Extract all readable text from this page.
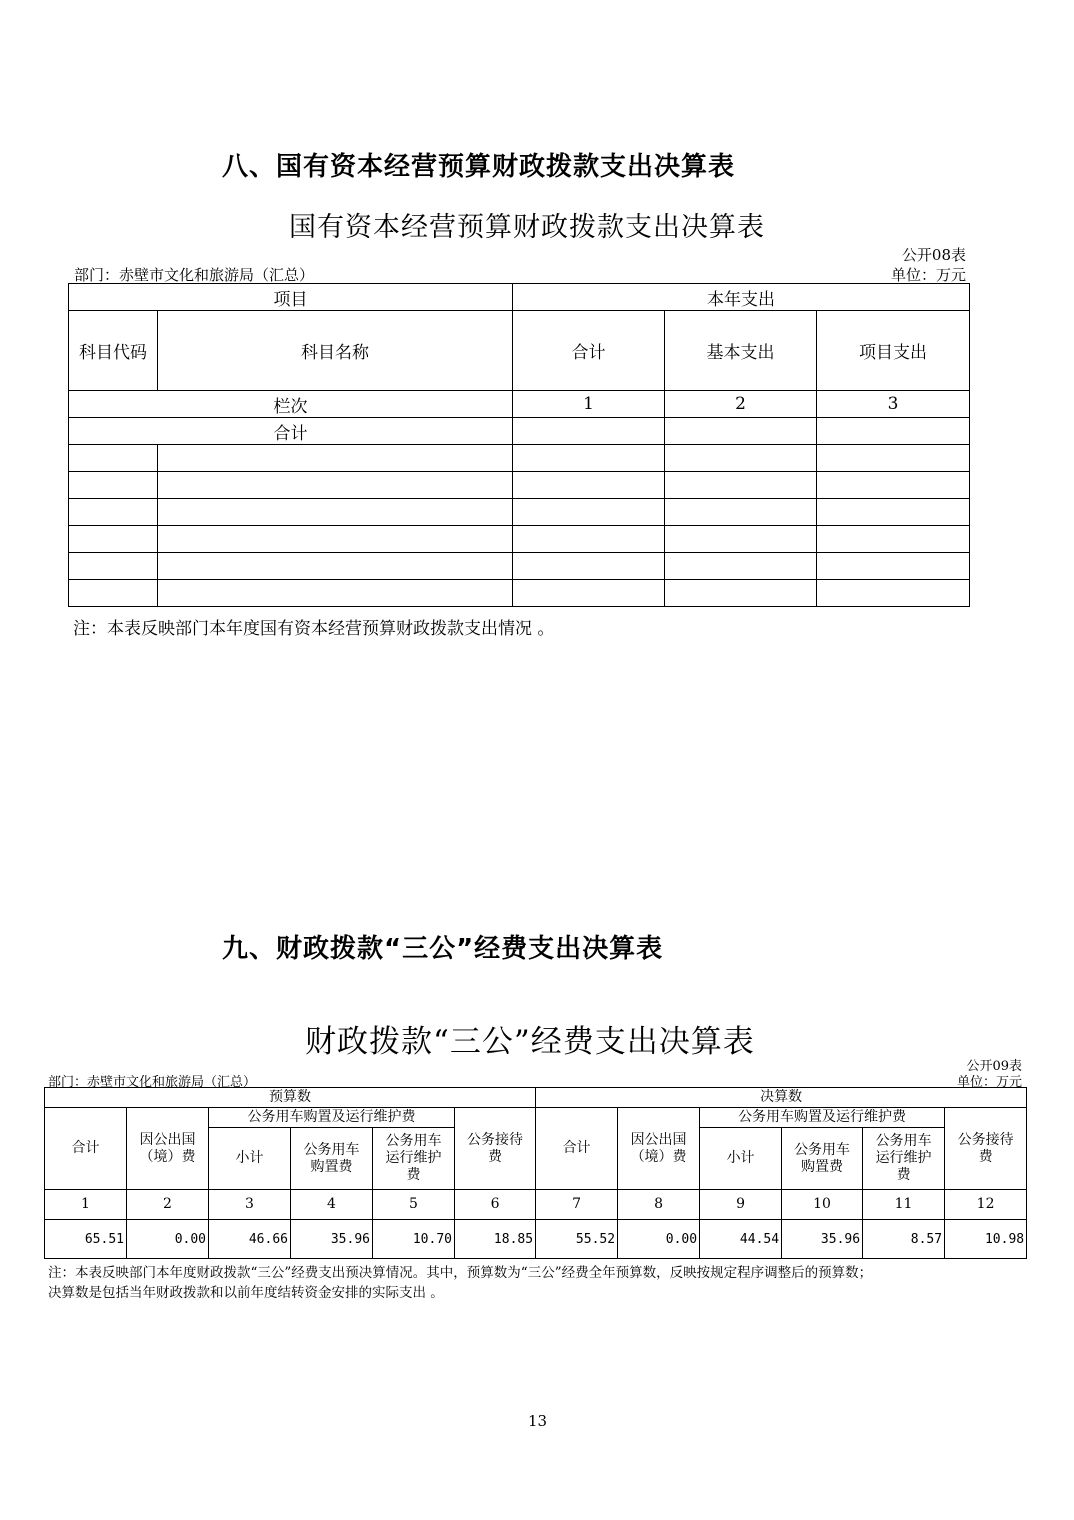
八、国有资本经营预算财政拨款支出决算表
国有资本经营预算财政拨款支出决算表
公开08表
部门：赤壁市文化和旅游局（汇总）	单位：万元
项目		本年支出		
科目代码	科目名称	合计	基本支出	项目支出
栏次		1	2	3
合计				

注：本表反映部门本年度国有资本经营预算财政拨款支出情况 。
九、财政拨款“三公”经费支出决算表
财政拨款“三公”经费支出决算表
公开09表
部门：赤壁市文化和旅游局（汇总）	单位：万元
预算数						决算数					
合计	因公出国（境）费	公务用车购置及运行维护费			公务接待费	合计	因公出国（境）费	公务用车购置及运行维护费			公务接待费
		小计	公务用车购置费	公务用车运行维护费				小计	公务用车购置费	公务用车运行维护费	
1	2	3	4	5	6	7	8	9	10	11	12
65.51	0.00	46.66	35.96	10.70	18.85	55.52	0.00	44.54	35.96	8.57	10.98
注：本表反映部门本年度财政拨款“三公”经费支出预决算情况。其中，预算数为“三公”经费全年预算数，反映按规定程序调整后的预算数；
决算数是包括当年财政拨款和以前年度结转资金安排的实际支出 。
13
